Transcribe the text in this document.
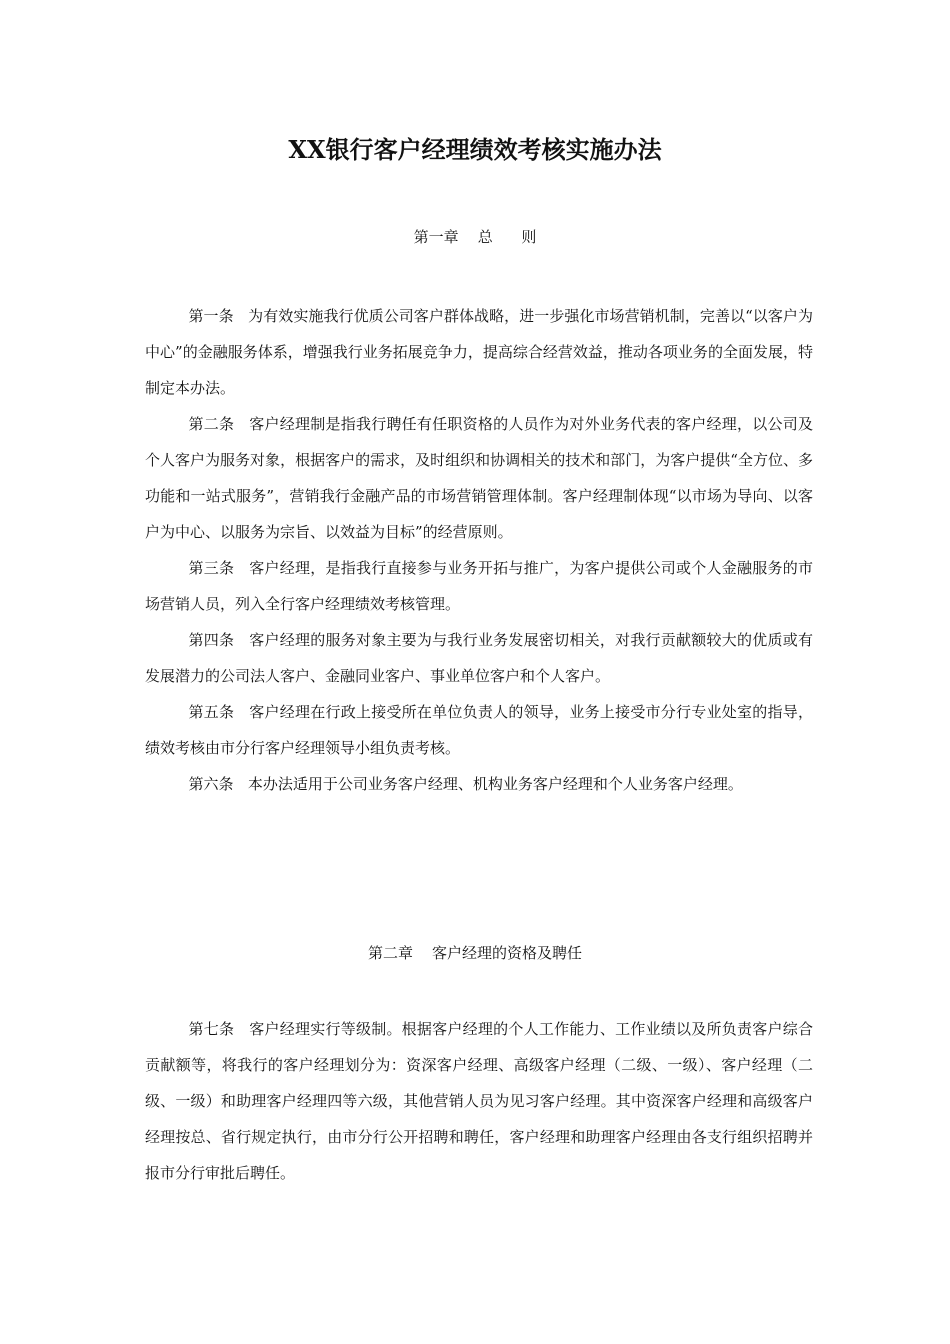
XX银行客户经理绩效考核实施办法
第一章    总      则

第一条 为有效实施我行优质公司客户群体战略，进一步强化市场营销机制，完善以“以客户为中心”的金融服务体系，增强我行业务拓展竞争力，提高综合经营效益，推动各项业务的全面发展，特制定本办法。

第二条 客户经理制是指我行聘任有任职资格的人员作为对外业务代表的客户经理，以公司及个人客户为服务对象，根据客户的需求，及时组织和协调相关的技术和部门，为客户提供“全方位、多功能和一站式服务”，营销我行金融产品的市场营销管理体制。客户经理制体现“以市场为导向、以客户为中心、以服务为宗旨、以效益为目标”的经营原则。

第三条 客户经理，是指我行直接参与业务开拓与推广，为客户提供公司或个人金融服务的市场营销人员，列入全行客户经理绩效考核管理。

第四条 客户经理的服务对象主要为与我行业务发展密切相关，对我行贡献额较大的优质或有发展潜力的公司法人客户、金融同业客户、事业单位客户和个人客户。

第五条 客户经理在行政上接受所在单位负责人的领导，业务上接受市分行专业处室的指导，绩效考核由市分行客户经理领导小组负责考核。

第六条 本办法适用于公司业务客户经理、机构业务客户经理和个人业务客户经理。

第二章    客户经理的资格及聘任

第七条 客户经理实行等级制。根据客户经理的个人工作能力、工作业绩以及所负责客户综合贡献额等，将我行的客户经理划分为：资深客户经理、高级客户经理（二级、一级）、客户经理（二级、一级）和助理客户经理四等六级，其他营销人员为见习客户经理。其中资深客户经理和高级客户经理按总、省行规定执行，由市分行公开招聘和聘任，客户经理和助理客户经理由各支行组织招聘并报市分行审批后聘任。
